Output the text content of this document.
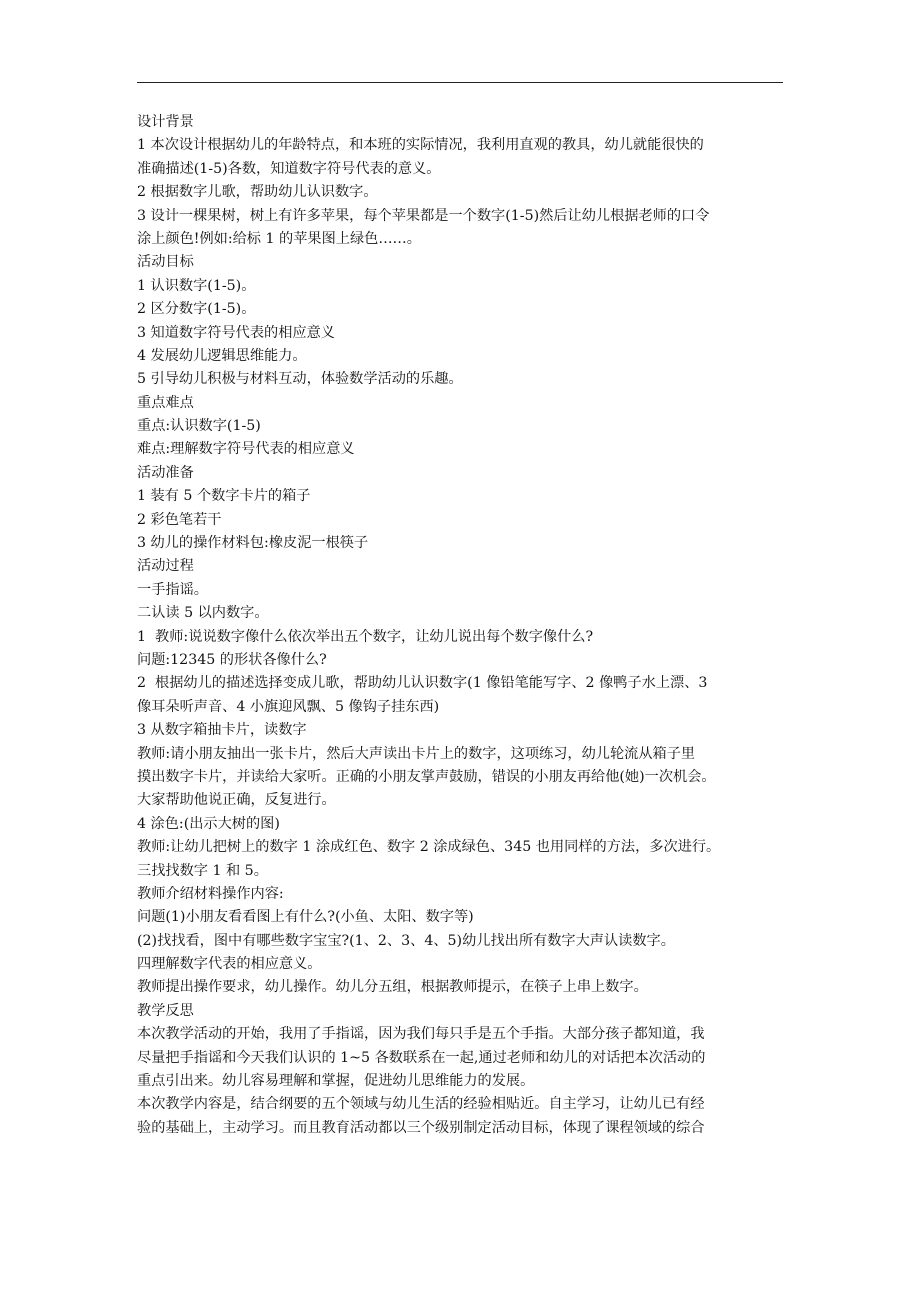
设计背景
1 本次设计根据幼儿的年龄特点，和本班的实际情况，我利用直观的教具，幼儿就能很快的
准确描述(1-5)各数，知道数字符号代表的意义。
2 根据数字儿歌，帮助幼儿认识数字。
3 设计一棵果树，树上有许多苹果，每个苹果都是一个数字(1-5)然后让幼儿根据老师的口令
涂上颜色!例如:给标 1 的苹果图上绿色……。
活动目标
1 认识数字(1-5)。
2 区分数字(1-5)。
3 知道数字符号代表的相应意义
4 发展幼儿逻辑思维能力。
5 引导幼儿积极与材料互动，体验数学活动的乐趣。
重点难点
重点:认识数字(1-5)
难点:理解数字符号代表的相应意义
活动准备
1 装有 5 个数字卡片的箱子
2 彩色笔若干
3 幼儿的操作材料包:橡皮泥一根筷子
活动过程
一手指谣。
二认读 5 以内数字。
1  教师:说说数字像什么依次举出五个数字，让幼儿说出每个数字像什么?
问题:12345 的形状各像什么?
2  根据幼儿的描述选择变成儿歌，帮助幼儿认识数字(1 像铅笔能写字、2 像鸭子水上漂、3
像耳朵听声音、4 小旗迎风飘、5 像钩子挂东西)
3 从数字箱抽卡片，读数字
教师:请小朋友抽出一张卡片，然后大声读出卡片上的数字，这项练习，幼儿轮流从箱子里
摸出数字卡片，并读给大家听。正确的小朋友掌声鼓励，错误的小朋友再给他(她)一次机会。
大家帮助他说正确，反复进行。
4 涂色:(出示大树的图)
教师:让幼儿把树上的数字 1 涂成红色、数字 2 涂成绿色、345 也用同样的方法，多次进行。
三找找数字 1 和 5。
教师介绍材料操作内容:
问题(1)小朋友看看图上有什么?(小鱼、太阳、数字等)
(2)找找看，图中有哪些数字宝宝?(1、2、3、4、5)幼儿找出所有数字大声认读数字。
四理解数字代表的相应意义。
教师提出操作要求，幼儿操作。幼儿分五组，根据教师提示，在筷子上串上数字。
教学反思
本次教学活动的开始，我用了手指谣，因为我们每只手是五个手指。大部分孩子都知道，我
尽量把手指谣和今天我们认识的 1~5 各数联系在一起,通过老师和幼儿的对话把本次活动的
重点引出来。幼儿容易理解和掌握，促进幼儿思维能力的发展。
本次教学内容是，结合纲要的五个领域与幼儿生活的经验相贴近。自主学习，让幼儿已有经
验的基础上，主动学习。而且教育活动都以三个级别制定活动目标，体现了课程领域的综合
